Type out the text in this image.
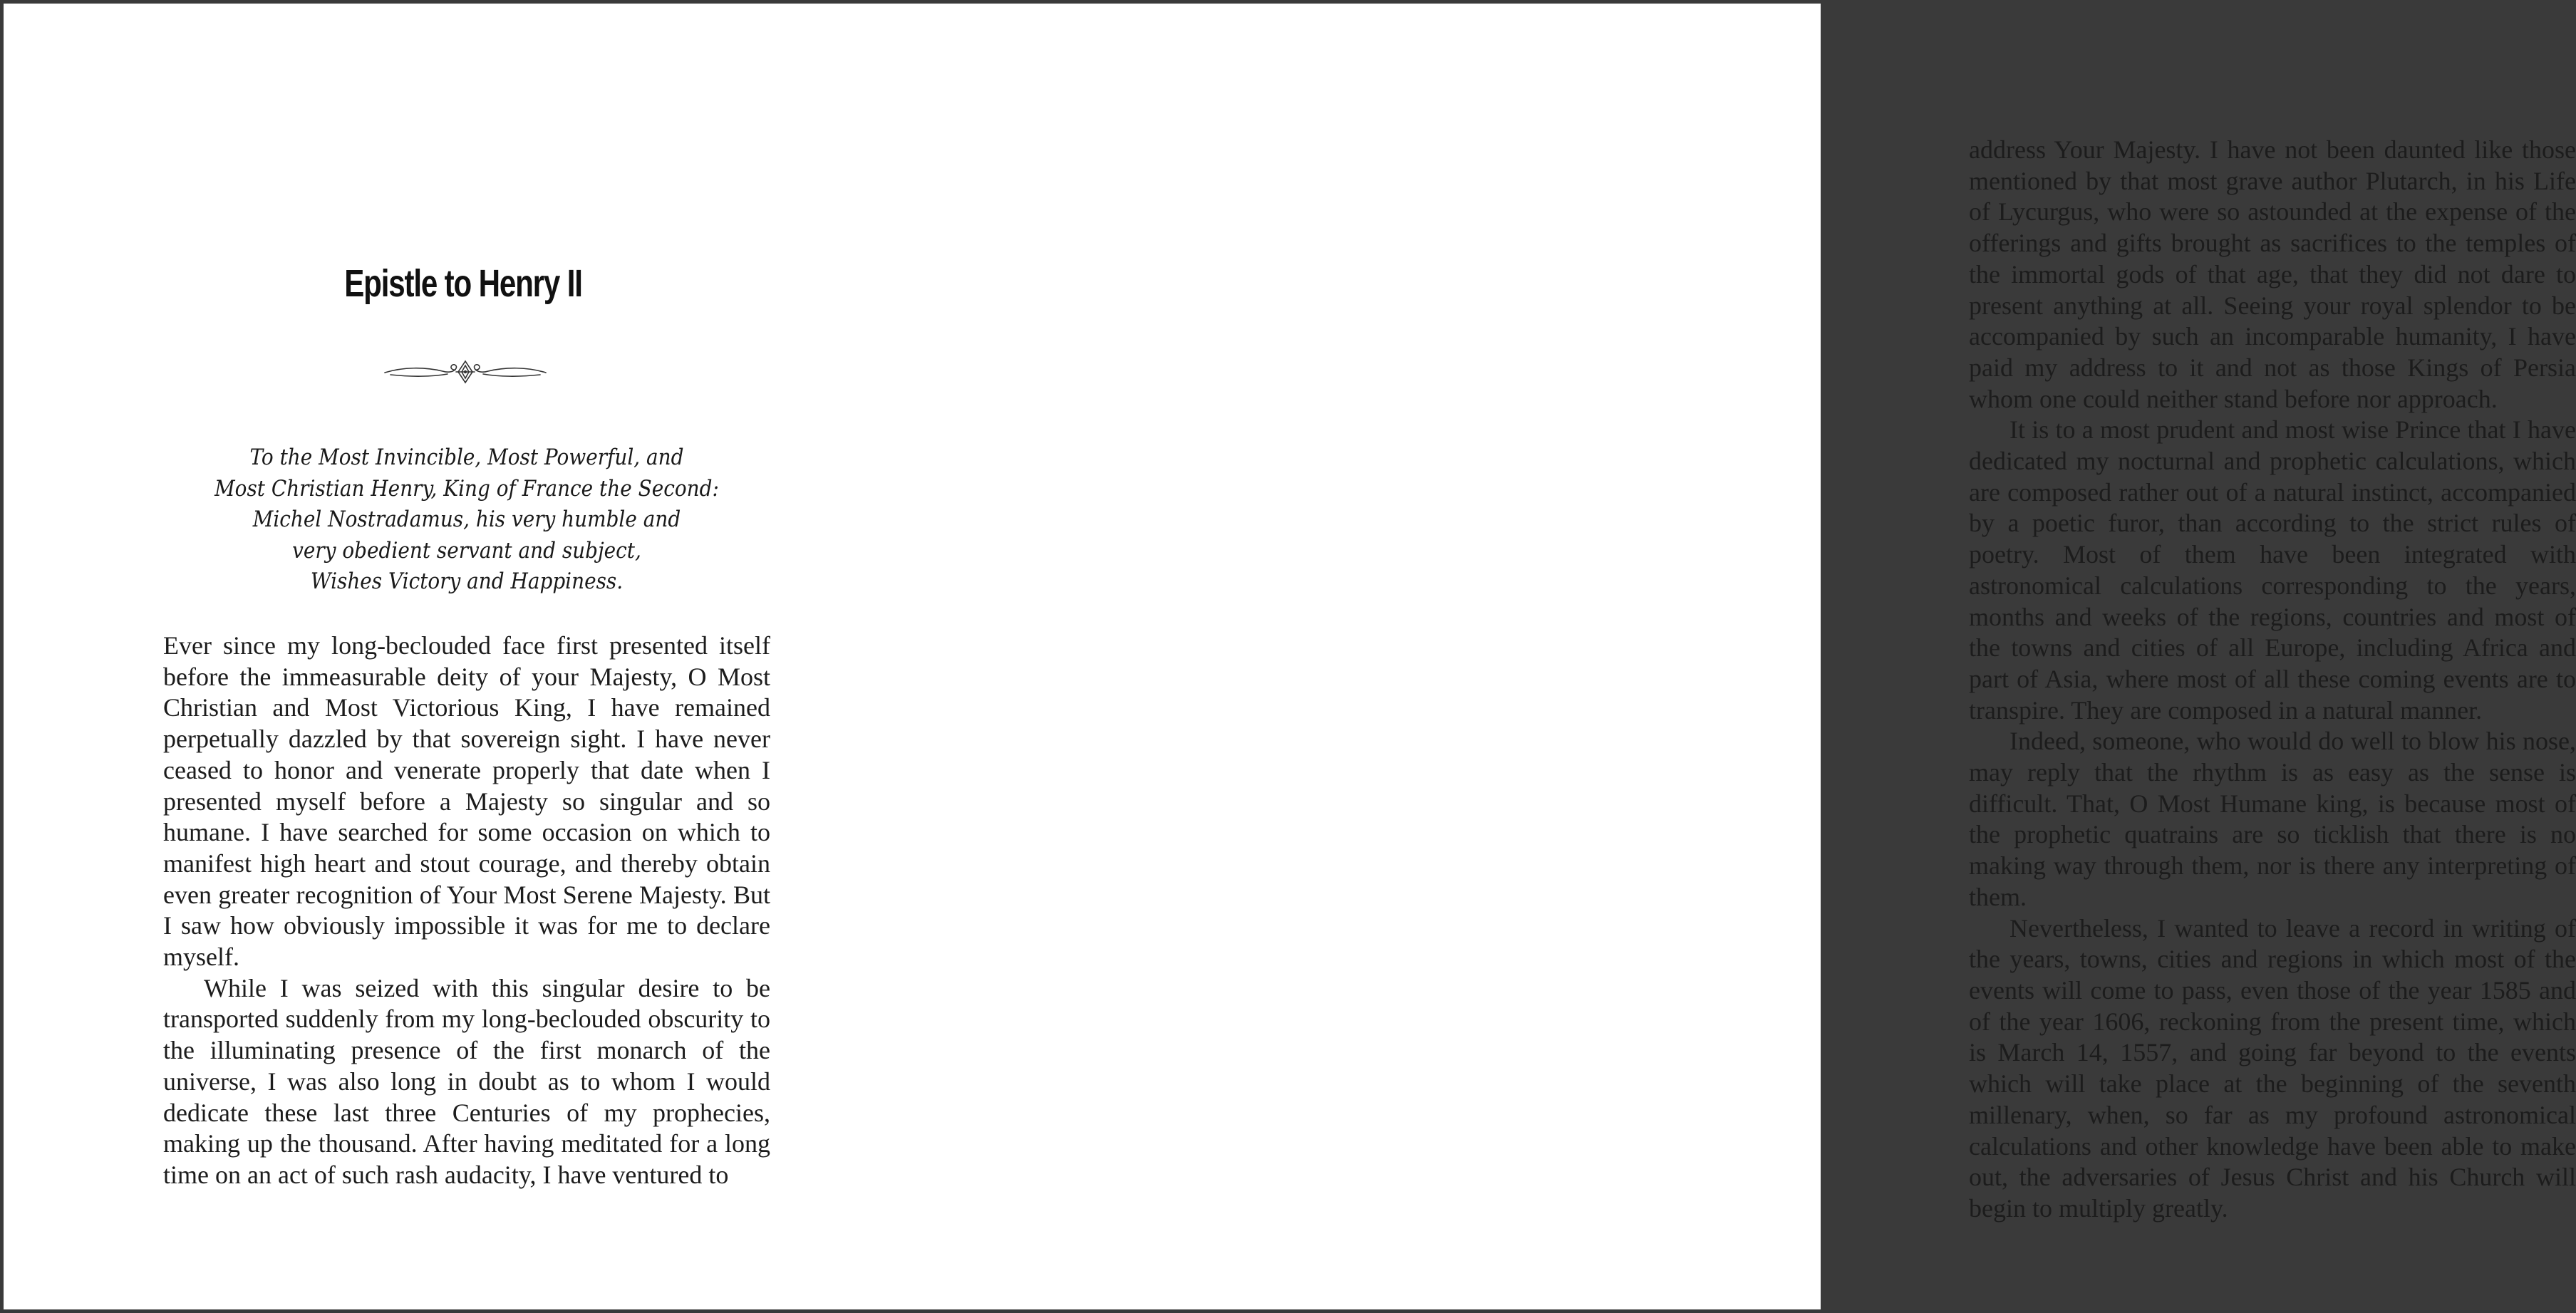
Epistle to Henry II
To the Most Invincible, Most Powerful, and
Most Christian Henry, King of France the Second:
Michel Nostradamus, his very humble and
very obedient servant and subject,
Wishes Victory and Happiness.

Ever since my long-beclouded face first presented itself before the immeasurable deity of your Majesty, O Most Christian and Most Victorious King, I have remained perpetually dazzled by that sovereign sight. I have never ceased to honor and venerate properly that date when I presented myself before a Majesty so singular and so humane. I have searched for some occasion on which to manifest high heart and stout courage, and thereby obtain even greater recognition of Your Most Serene Majesty. But I saw how obviously impossible it was for me to declare myself.

While I was seized with this singular desire to be transported suddenly from my long-beclouded obscurity to the illuminating presence of the first monarch of the universe, I was also long in doubt as to whom I would dedicate these last three Centuries of my prophecies, making up the thousand. After having meditated for a long time on an act of such rash audacity, I have ventured to

address Your Majesty. I have not been daunted like those mentioned by that most grave author Plutarch, in his Life of Lycurgus, who were so astounded at the expense of the offerings and gifts brought as sacrifices to the temples of the immortal gods of that age, that they did not dare to present anything at all. Seeing your royal splendor to be accompanied by such an incomparable humanity, I have paid my address to it and not as those Kings of Persia whom one could neither stand before nor approach.

It is to a most prudent and most wise Prince that I have dedicated my nocturnal and prophetic calculations, which are composed rather out of a natural instinct, accompanied by a poetic furor, than according to the strict rules of poetry. Most of them have been integrated with astronomical calculations corresponding to the years, months and weeks of the regions, countries and most of the towns and cities of all Europe, including Africa and part of Asia, where most of all these coming events are to transpire. They are composed in a natural manner.

Indeed, someone, who would do well to blow his nose, may reply that the rhythm is as easy as the sense is difficult. That, O Most Humane king, is because most of the prophetic quatrains are so ticklish that there is no making way through them, nor is there any interpreting of them.

Nevertheless, I wanted to leave a record in writing of the years, towns, cities and regions in which most of the events will come to pass, even those of the year 1585 and of the year 1606, reckoning from the present time, which is March 14, 1557, and going far beyond to the events which will take place at the beginning of the seventh millenary, when, so far as my profound astronomical calculations and other knowledge have been able to make out, the adversaries of Jesus Christ and his Church will begin to multiply greatly.
